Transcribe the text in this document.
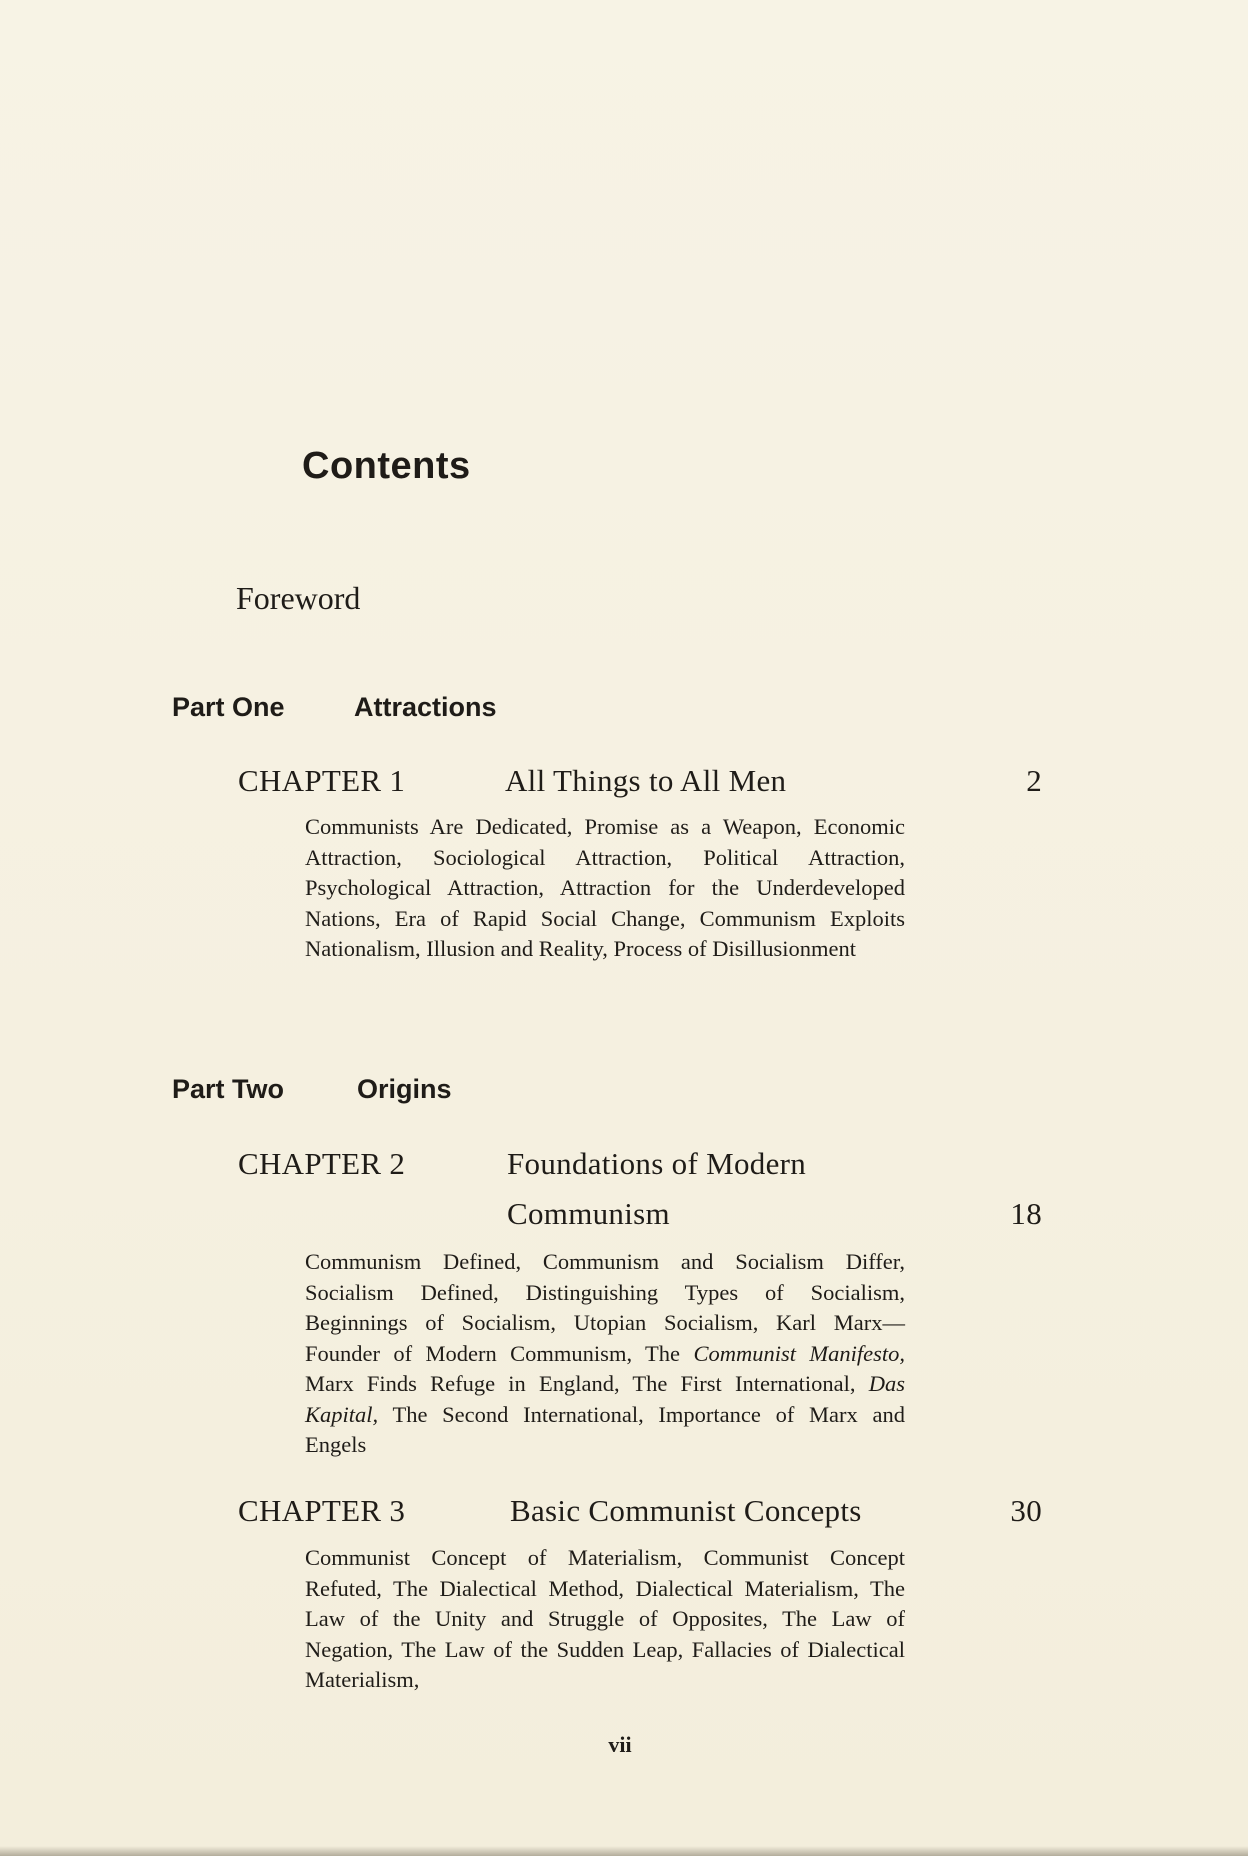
Contents
Foreword
Part One	Attractions
CHAPTER 1	All Things to All Men	2
Communists Are Dedicated, Promise as a Weapon, Economic Attraction, Sociological Attraction, Political Attraction, Psychological Attraction, Attraction for the Underdeveloped Nations, Era of Rapid Social Change, Communism Exploits Nationalism, Illusion and Reality, Process of Disillusionment
Part Two	Origins
CHAPTER 2	Foundations of Modern
Communism	18
Communism Defined, Communism and Socialism Differ, Socialism Defined, Distinguishing Types of Socialism, Beginnings of Socialism, Utopian Socialism, Karl Marx—Founder of Modern Communism, The Communist Manifesto, Marx Finds Refuge in England, The First International, Das Kapital, The Second International, Importance of Marx and Engels
CHAPTER 3	Basic Communist Concepts	30
Communist Concept of Materialism, Communist Concept Refuted, The Dialectical Method, Dialectical Materialism, The Law of the Unity and Struggle of Opposites, The Law of Negation, The Law of the Sudden Leap, Fallacies of Dialectical Materialism,
vii
